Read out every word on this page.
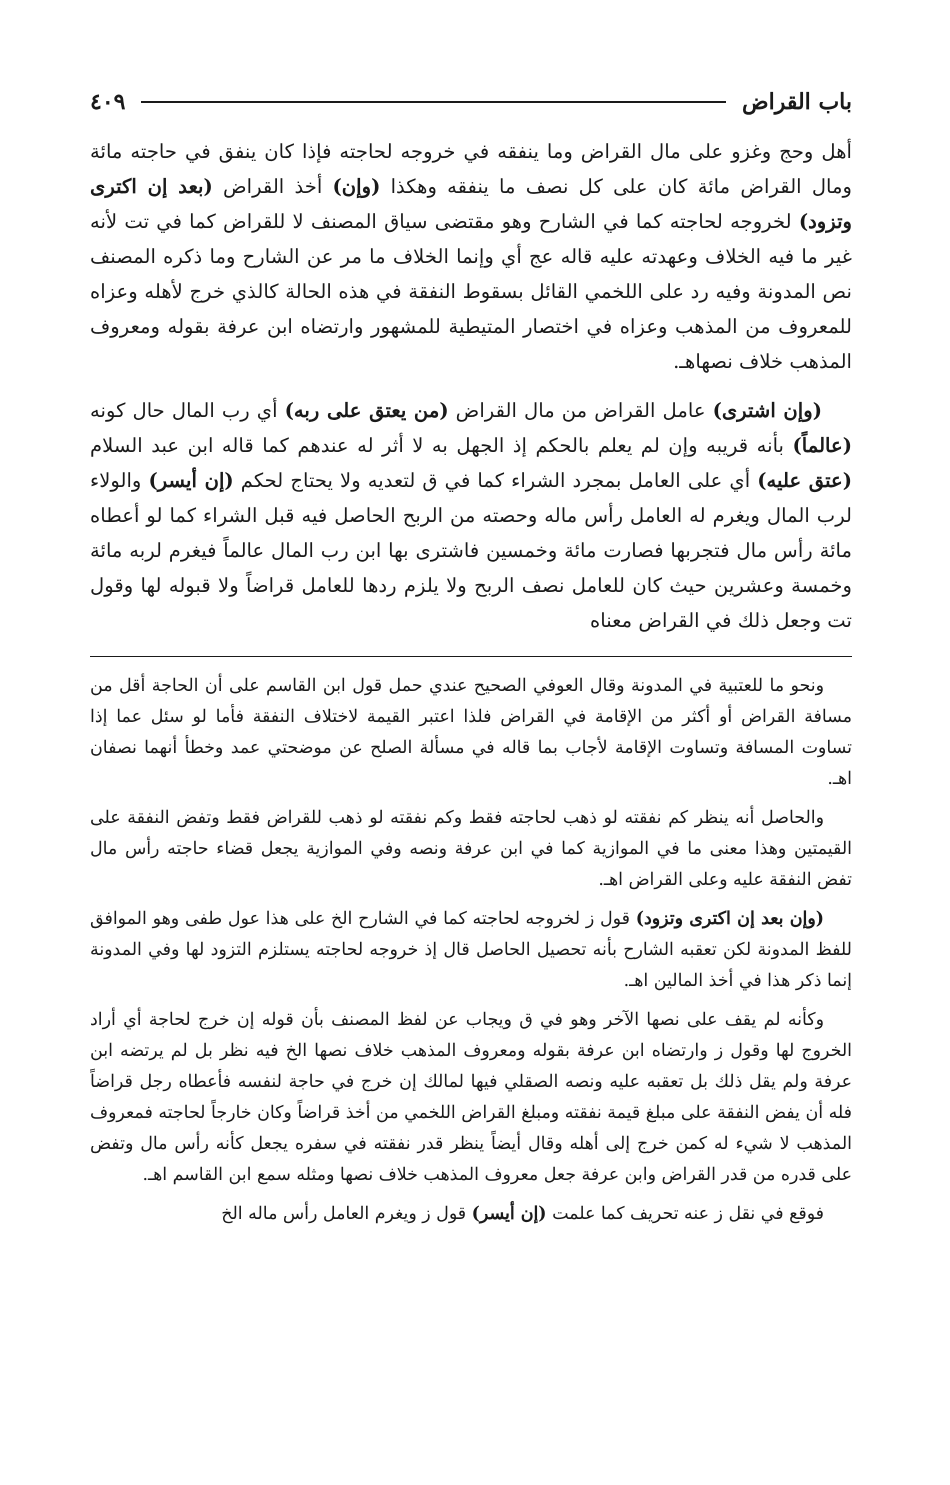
باب القراض
٤٠٩

أهل وحج وغزو على مال القراض وما ينفقه في خروجه لحاجته فإذا كان ينفق في حاجته مائة ومال القراض مائة كان على كل نصف ما ينفقه وهكذا (وإن) أخذ القراض (بعد إن اكترى وتزود) لخروجه لحاجته كما في الشارح وهو مقتضى سياق المصنف لا للقراض كما في تت لأنه غير ما فيه الخلاف وعهدته عليه قاله عج أي وإنما الخلاف ما مر عن الشارح وما ذكره المصنف نص المدونة وفيه رد على اللخمي القائل بسقوط النفقة في هذه الحالة كالذي خرج لأهله وعزاه للمعروف من المذهب وعزاه في اختصار المتيطية للمشهور وارتضاه ابن عرفة بقوله ومعروف المذهب خلاف نصهاهـ.

(وإن اشترى) عامل القراض من مال القراض (من يعتق على ربه) أي رب المال حال كونه (عالماً) بأنه قريبه وإن لم يعلم بالحكم إذ الجهل به لا أثر له عندهم كما قاله ابن عبد السلام (عتق عليه) أي على العامل بمجرد الشراء كما في ق لتعديه ولا يحتاج لحكم (إن أيسر) والولاء لرب المال ويغرم له العامل رأس ماله وحصته من الربح الحاصل فيه قبل الشراء كما لو أعطاه مائة رأس مال فتجربها فصارت مائة وخمسين فاشترى بها ابن رب المال عالماً فيغرم لربه مائة وخمسة وعشرين حيث كان للعامل نصف الربح ولا يلزم ردها للعامل قراضاً ولا قبوله لها وقول تت وجعل ذلك في القراض معناه

ونحو ما للعتبية في المدونة وقال العوفي الصحيح عندي حمل قول ابن القاسم على أن الحاجة أقل من مسافة القراض أو أكثر من الإقامة في القراض فلذا اعتبر القيمة لاختلاف النفقة فأما لو سئل عما إذا تساوت المسافة وتساوت الإقامة لأجاب بما قاله في مسألة الصلح عن موضحتي عمد وخطأ أنهما نصفان اهـ.

والحاصل أنه ينظر كم نفقته لو ذهب لحاجته فقط وكم نفقته لو ذهب للقراض فقط وتفض النفقة على القيمتين وهذا معنى ما في الموازية كما في ابن عرفة ونصه وفي الموازية يجعل قضاء حاجته رأس مال تفض النفقة عليه وعلى القراض اهـ.

(وإن بعد إن اكترى وتزود) قول ز لخروجه لحاجته كما في الشارح الخ على هذا عول طفى وهو الموافق للفظ المدونة لكن تعقبه الشارح بأنه تحصيل الحاصل قال إذ خروجه لحاجته يستلزم التزود لها وفي المدونة إنما ذكر هذا في أخذ المالين اهـ.

وكأنه لم يقف على نصها الآخر وهو في ق ويجاب عن لفظ المصنف بأن قوله إن خرج لحاجة أي أراد الخروج لها وقول ز وارتضاه ابن عرفة بقوله ومعروف المذهب خلاف نصها الخ فيه نظر بل لم يرتضه ابن عرفة ولم يقل ذلك بل تعقبه عليه ونصه الصقلي فيها لمالك إن خرج في حاجة لنفسه فأعطاه رجل قراضاً فله أن يفض النفقة على مبلغ قيمة نفقته ومبلغ القراض اللخمي من أخذ قراضاً وكان خارجاً لحاجته فمعروف المذهب لا شيء له كمن خرج إلى أهله وقال أيضاً ينظر قدر نفقته في سفره يجعل كأنه رأس مال وتفض على قدره من قدر القراض وابن عرفة جعل معروف المذهب خلاف نصها ومثله سمع ابن القاسم اهـ.

فوقع في نقل ز عنه تحريف كما علمت (إن أيسر) قول ز ويغرم العامل رأس ماله الخ
